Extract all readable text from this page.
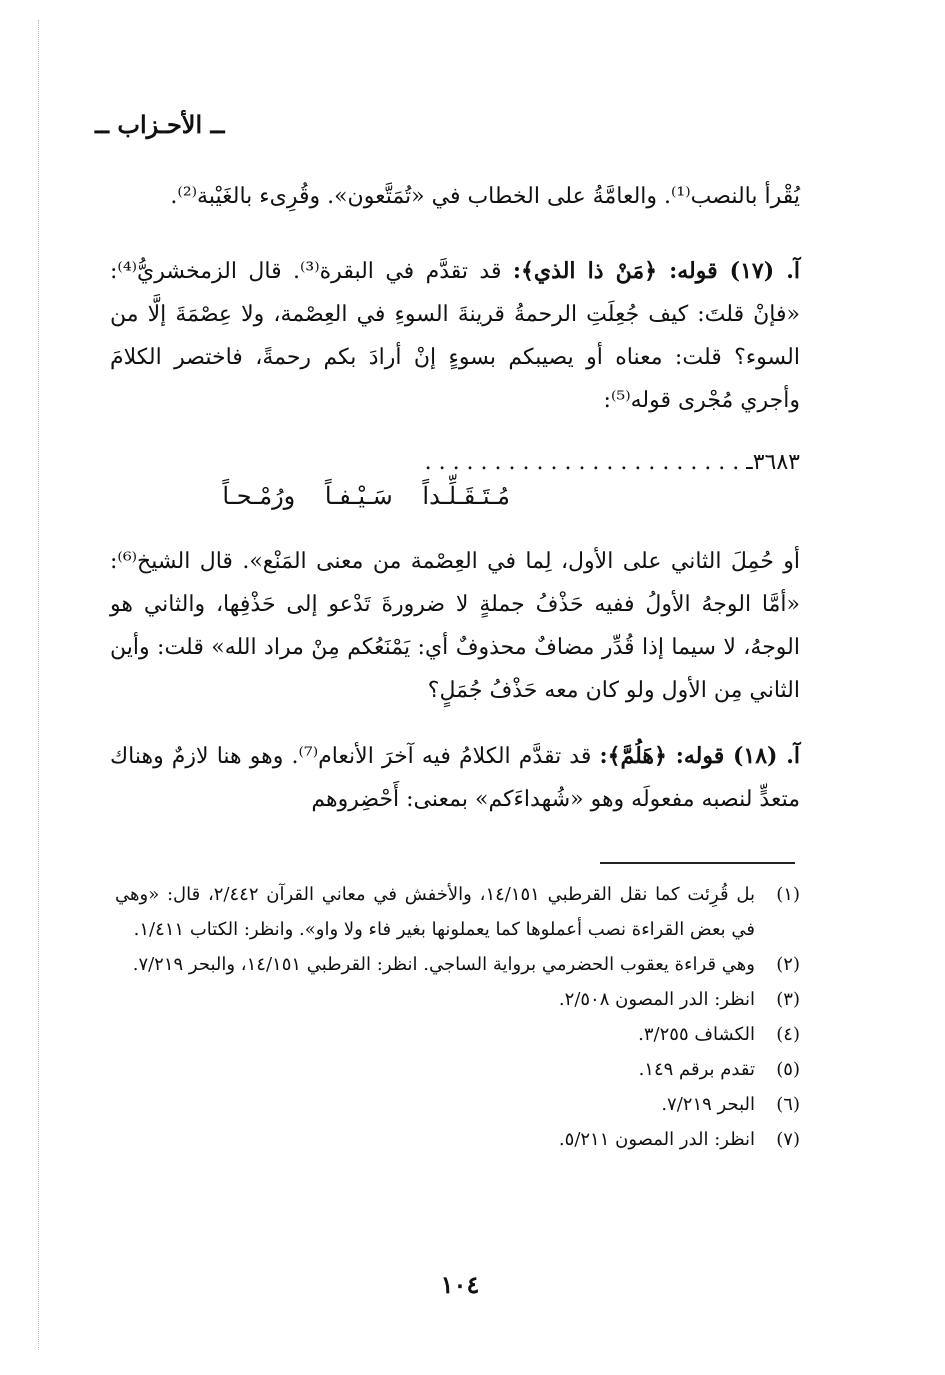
ــ الأحـزاب ــ
يُقْرأ بالنصب⁽¹⁾. والعامَّةُ على الخطاب في «تُمَتَّعون». وقُرِىء بالغَيْبة⁽²⁾.
آ. (١٧) قوله: ﴿مَنْ ذا الذي﴾: قد تقدَّم في البقرة⁽³⁾. قال الزمخشريُّ⁽⁴⁾: «فإنْ قلتَ: كيف جُعِلَتِ الرحمةُ قرينةَ السوءِ في العِصْمة، ولا عِصْمَةَ إلَّا من السوء؟ قلت: معناه أو يصيبكم بسوءٍ إنْ أرادَ بكم رحمةً، فاختصر الكلامَ وأجري مُجْرى قوله⁽⁵⁾:
٣٦٨٣ـ . . . . . . . . . . . . . . . . . . . . . . .
مُـتَـقَـلِّـداً سَـيْـفـاً ورُمْـحـاً
أو حُمِلَ الثاني على الأول، لِما في العِصْمة من معنى المَنْع». قال الشيخ⁽⁶⁾: «أمَّا الوجهُ الأولُ ففيه حَذْفُ جملةٍ لا ضرورةَ تَدْعو إلى حَذْفِها، والثاني هو الوجهُ، لا سيما إذا قُدِّر مضافٌ محذوفٌ أي: يَمْنَعُكم مِنْ مراد الله» قلت: وأين الثاني مِن الأول ولو كان معه حَذْفُ جُمَلٍ؟
آ. (١٨) قوله: ﴿هَلُمَّ﴾: قد تقدَّم الكلامُ فيه آخرَ الأنعام⁽⁷⁾. وهو هنا لازمٌ وهناك متعدٍّ لنصبه مفعولَه وهو «شُهداءَكم» بمعنى: أَحْضِروهم
(١)
بل قُرِئت كما نقل القرطبي ١٤/١٥١، والأخفش في معاني القرآن ٢/٤٤٢، قال: «وهي في بعض القراءة نصب أعملوها كما يعملونها بغير فاء ولا واو». وانظر: الكتاب ١/٤١١.
(٢)
وهي قراءة يعقوب الحضرمي برواية الساجي. انظر: القرطبي ١٤/١٥١، والبحر ٧/٢١٩.
(٣)
انظر: الدر المصون ٢/٥٠٨.
(٤)
الكشاف ٣/٢٥٥.
(٥)
تقدم برقم ١٤٩.
(٦)
البحر ٧/٢١٩.
(٧)
انظر: الدر المصون ٥/٢١١.
١٠٤
